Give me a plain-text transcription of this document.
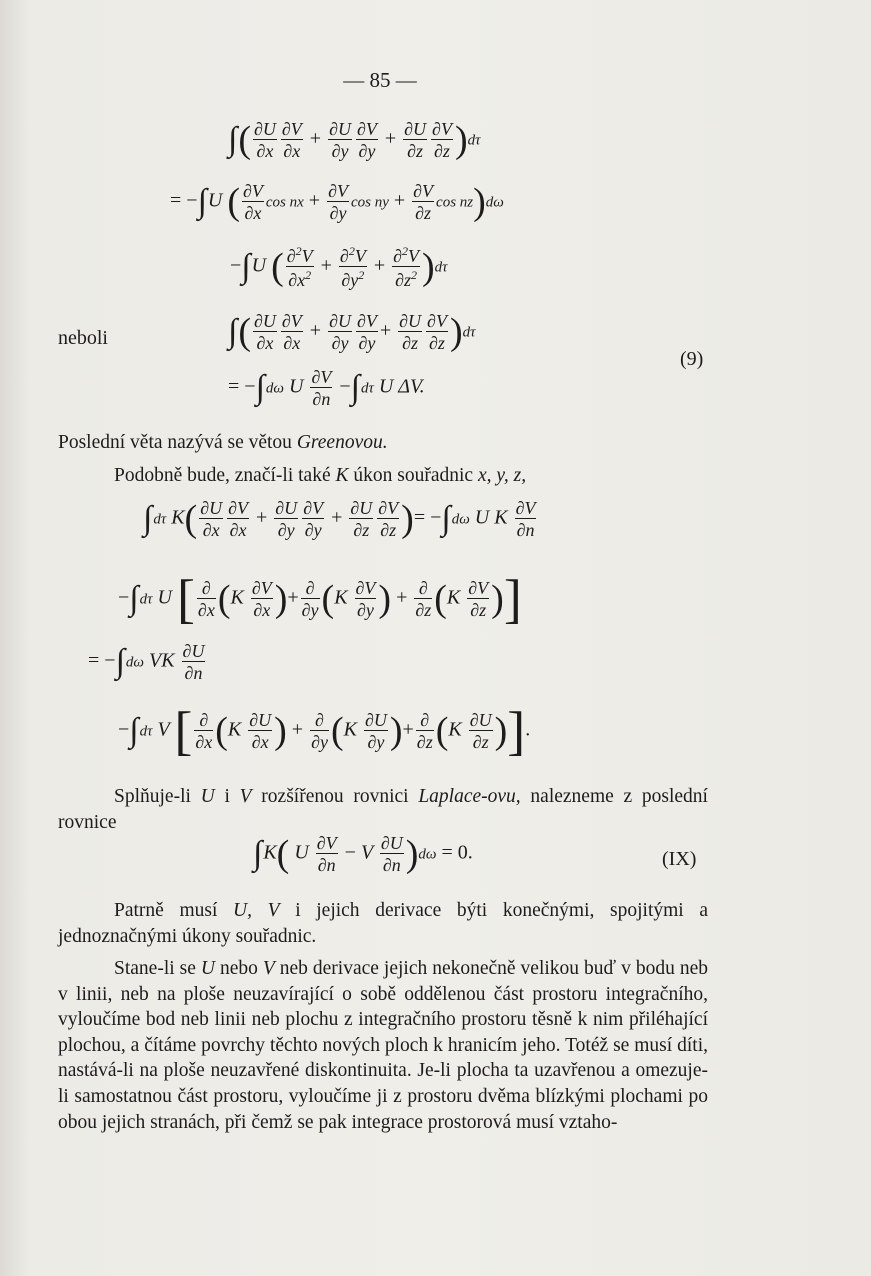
— 85 —
∫( $\frac{\partial U}{\partial x} \frac{\partial V}{\partial x} + \frac{\partial U}{\partial y} \frac{\partial V}{\partial y} + \frac{\partial U}{\partial z} \frac{\partial V}{\partial z} )d\tau$
= −∫U ( $\frac{\partial V}{\partial x}$ cos nx + $\frac{\partial V}{\partial y}$ cos ny + $\frac{\partial V}{\partial z}$ cos nz)dω
−∫U ( $\frac{\partial^2V}{\partial x^2} + \frac{\partial^2V}{\partial y^2} + \frac{\partial^2V}{\partial z^2} )d\tau$
neboli	∫( $\frac{\partial U}{\partial x} \frac{\partial V}{\partial x} + \frac{\partial U}{\partial y} \frac{\partial V}{\partial y} + \frac{\partial U}{\partial z} \frac{\partial V}{\partial z} )d\tau$
(9)
= −∫dω U $\frac{\partial V}{\partial n} -\int d\tau$ U ΔV.

Poslední věta nazývá se větou Greenovou.

Podobně bude, značí-li také K úkon souřadnic x, y, z,

∫dτ $K( \frac{\partial U}{\partial x} \frac{\partial V}{\partial x} + \frac{\partial U}{\partial y} \frac{\partial V}{\partial y} + \frac{\partial U}{\partial z} \frac{\partial V}{\partial z}$ )= −∫dω U K $\frac{\partial V}{\partial n}$
−∫dτ U [ $\frac{\partial}{\partial x} (K \frac{\partial V}{\partial x}$ )+ $\frac{\partial}{\partial y} (K \frac{\partial V}{\partial y}$ ) + $\frac{\partial}{\partial z} (K \frac{\partial V}{\partial z}$ )]
= −∫dω VK $\frac{\partial U}{\partial n}$
−∫dτ V [ $\frac{\partial}{\partial x} (K \frac{\partial U}{\partial x}$ ) + $\frac{\partial}{\partial y} (K \frac{\partial U}{\partial y}$ )+ $\frac{\partial}{\partial z} (K \frac{\partial U}{\partial z}$ )].

Splňuje-li U i V rozšířenou rovnici Laplace-ovu, nalezneme z poslední rovnice

∫K( U $\frac{\partial V}{\partial n} - V \frac{\partial U}{\partial n} )d\omega = 0$.	(IX)

Patrně musí U, V i jejich derivace býti konečnými, spojitými a jednoznačnými úkony souřadnic.

Stane-li se U nebo V neb derivace jejich nekonečně velikou buď v bodu neb v linii, neb na ploše neuzavírající o sobě oddělenou část prostoru integračního, vyloučíme bod neb linii neb plochu z integračního prostoru těsně k nim přiléhající plochou, a čítáme povrchy těchto nových ploch k hranicím jeho. Totéž se musí díti, nastává-li na ploše neuzavřené diskontinuita. Je-li plocha ta uzavřenou a omezuje-li samostatnou část prostoru, vyloučíme ji z prostoru dvěma blízkými plochami po obou jejich stranách, při čemž se pak integrace prostorová musí vztaho-
